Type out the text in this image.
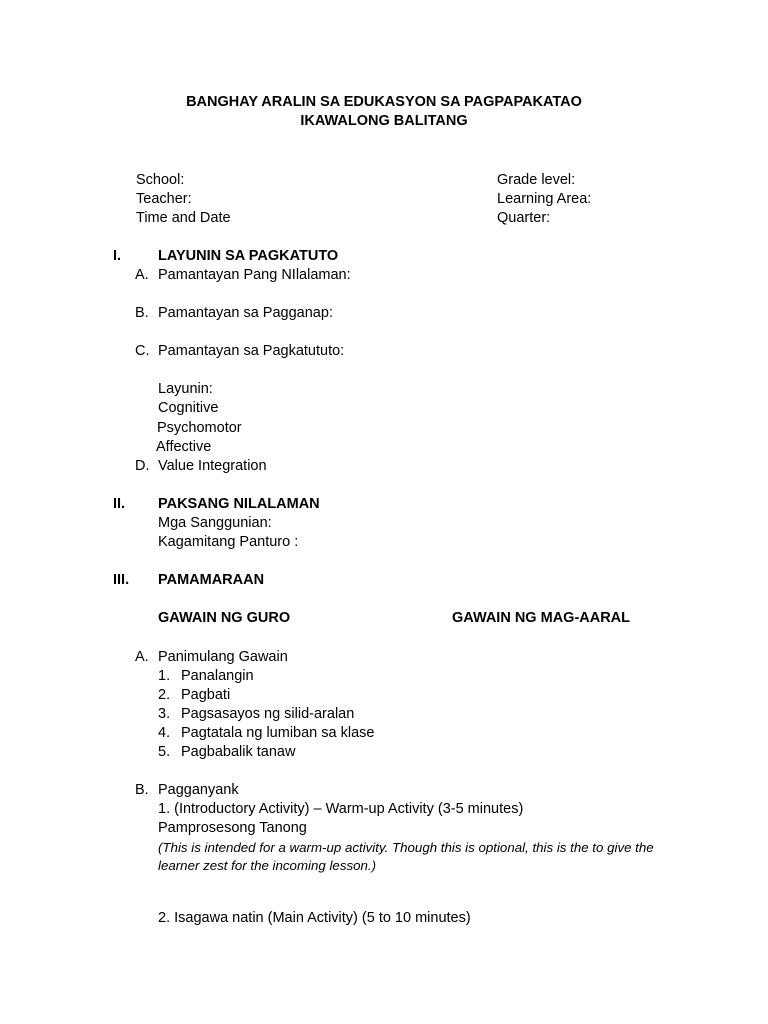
BANGHAY ARALIN SA EDUKASYON SA PAGPAPAKATAO
IKAWALONG BALITANG
School:
Teacher:
Time and Date
Grade level:
Learning Area:
Quarter:
I.	LAYUNIN SA PAGKATUTO
A. Pamantayan Pang NIlalaman:
B. Pamantayan sa Pagganap:
C. Pamantayan sa Pagkatututo:
Layunin:
Cognitive
Psychomotor
Affective
D. Value Integration
II. PAKSANG NILALAMAN
Mga Sanggunian:
Kagamitang Panturo :
III. PAMAMARAAN
GAWAIN NG GURO	GAWAIN NG MAG-AARAL
A. Panimulang Gawain
1. Panalangin
2. Pagbati
3. Pagsasayos ng silid-aralan
4. Pagtatala ng lumiban sa klase
5. Pagbabalik tanaw
B. Pagganyank
1. (Introductory Activity) – Warm-up Activity (3-5 minutes)
Pamprosesong Tanong
(This is intended for a warm-up activity. Though this is optional, this is the to give the
learner zest for the incoming lesson.)
2. Isagawa natin (Main Activity) (5 to 10 minutes)
